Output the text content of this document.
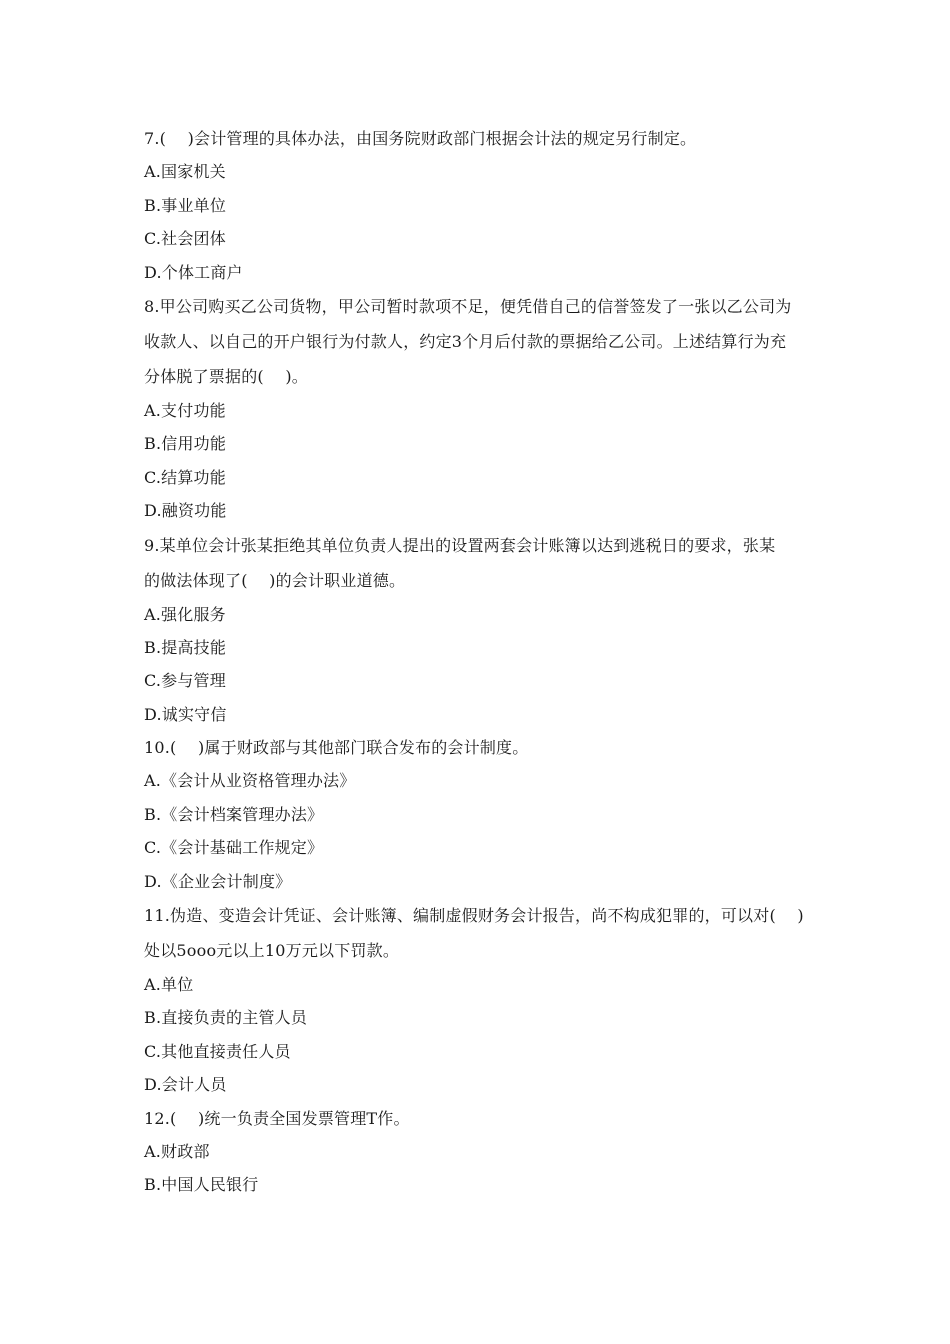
7.(　 )会计管理的具体办法，由国务院财政部门根据会计法的规定另行制定。
A.国家机关
B.事业单位
C.社会团体
D.个体工商户
8.甲公司购买乙公司货物，甲公司暂时款项不足，便凭借自己的信誉签发了一张以乙公司为
收款人、以自己的开户银行为付款人，约定3个月后付款的票据给乙公司。上述结算行为充
分体脱了票据的(　 )。
A.支付功能
B.信用功能
C.结算功能
D.融资功能
9.某单位会计张某拒绝其单位负责人提出的设置两套会计账簿以达到逃税日的要求，张某
的做法体现了(　 )的会计职业道德。
A.强化服务
B.提高技能
C.参与管理
D.诚实守信
10.(　 )属于财政部与其他部门联合发布的会计制度。
A.《会计从业资格管理办法》
B.《会计档案管理办法》
C.《会计基础工作规定》
D.《企业会计制度》
11.伪造、变造会计凭证、会计账簿、编制虚假财务会计报告，尚不构成犯罪的，可以对(　 )
处以5ooo元以上10万元以下罚款。
A.单位
B.直接负责的主管人员
C.其他直接责任人员
D.会计人员
12.(　 )统一负责全国发票管理T作。
A.财政部
B.中国人民银行
